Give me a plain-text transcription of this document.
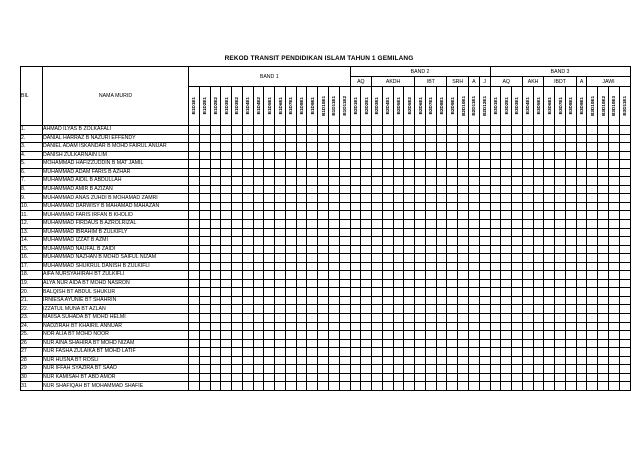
REKOD TRANSIT PENDIDIKAN ISLAM TAHUN 1 GEMILANG
BIL	NAMA MURID	BAND 1															BAND 2													BAND 3												
																	AQ		AKDH				IBT			SRH		A	J	AQ			AKH		IBDT			A	JAWI			

		B1D1E1	B1D2E1	B1D2E2	B1D3E1	B1D3E2	B1D4E1	B1D4E2	B1D5E1	B1D6E1	B1D7E1	B1D8E1	B1D9E1	B1D10E1	B1D11E1	B1D11E2	B2D1E1	B2D2E1	B2D3E1	B2D4E1	B2D5E1	B2D5E2	B2D6E1	B2D7E1	B2D8E1	B2D9E1	B2D10E1	B2D11E1	B2D12E1	B3D1E1	B3D2E1	B3D3E1	B3D4E1	B3D5E1	B3D6E1	B3D7E1	B3D8E1	B3D9E1	B3D10E1	B3D10E2	B3D10E3	B3D11E1

1.	AHMAD ILYAS B ZOLKAFALI																																									
2.	DANIAL HARRAZ B NAZURI EFFENDY																																									
3.	DANIEL ADAM ISKANDAR B MOHD FAIRUL ANUAR																																									
4.	DANISH ZULKARNAIN LIM																																									
5.	MOHAMMAD HAFIZZUDDIN B MAT JAMIL																																									
6.	MUHAMMAD ADAM FARIS B AZHAR																																									
7.	MUHAMMAD AIDIL B ABDULLAH																																									
8.	MUHAMMAD AMIR B AZIZAN																																									
9.	MUHAMMAD ANAS ZUHDI B MOHAMAD ZAMRI																																									
10.	MUHAMMAD DARWISY B MAHAMAD MAHAZAN																																									
11.	MUHAMMAD FARIS IRFAN B KHOLID																																									
12.	MUHAMMAD FIRDAUS B AZROLRIZAL																																									
13.	MUHAMMAD IBRAHIM B ZULKIFLY																																									
14.	MUHAMMAD IZZAT B AZMI																																									
15.	MUHAMMAD NAUFAL B ZAIDI																																									
16.	MUHAMMAD NAZHAN B MOHD SAIFUL NIZAM																																									
17.	MUHAMMAD SHUKRUL DANISH B ZULKIFLI																																									
18.	AIFA NURSYAHIRAH BT ZULKIFLI																																									
19.	ALYA NUR AIDA BT MOHD NASRON																																									
20.	BALQISH BT ABDUL SHUKUR																																									
21.	IRNIESA AYUNIE BT SHAHRIN																																									
22.	IZZATUL MUNA BT AZLAN																																									
23.	MAIISA SUHADA BT MOHD HELMI																																									
24.	NADZIRAH BT KHAIRIL ANNUAR																																									
25.	NOR ALIA BT MOHD NOOR																																									
26	NUR AINA SHAHIRA BT MOHD NIZAM																																									
27	NUR FASHA ZULAIKA BT MOHD LATIF																																									
28	NUR HUSNA BT ROSLI																																									
29	NUR IFFAH SYAZIRA BT SAAD																																									
30	NUR KAMISAH BT ABD AMOR																																									
31	NUR SHAFIQAH BT MOHAMMAD SHAFIE																																									
